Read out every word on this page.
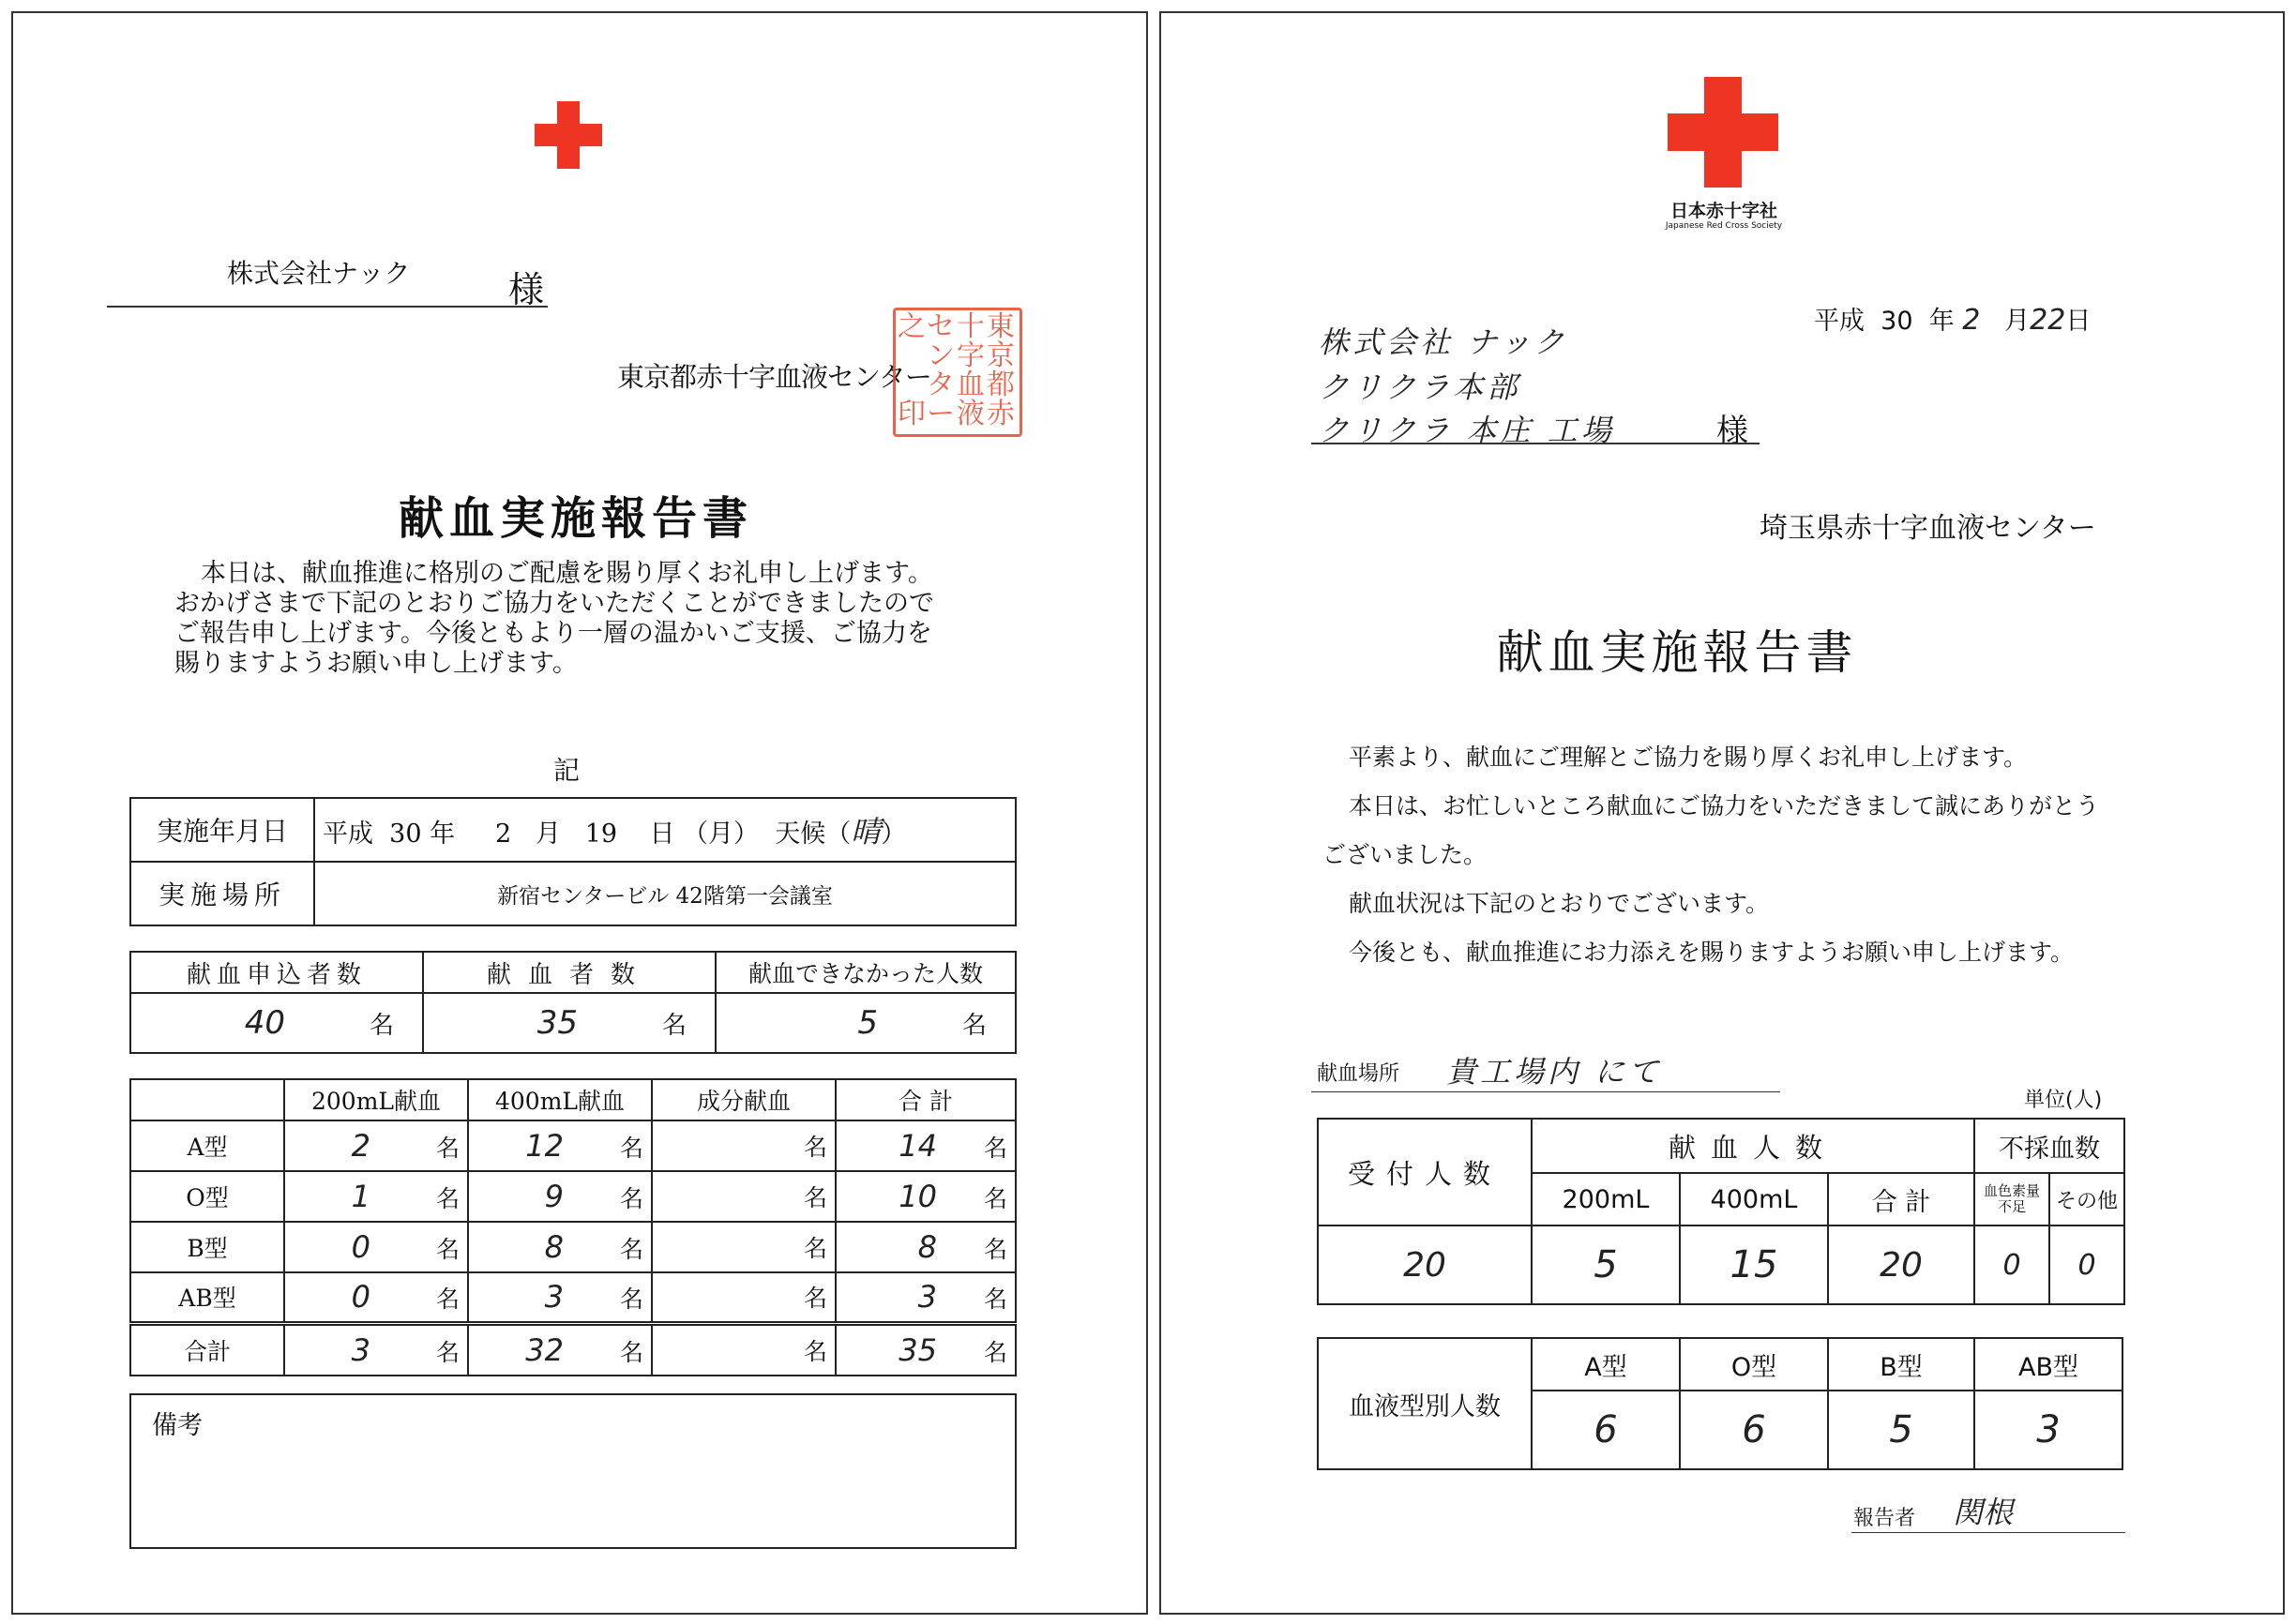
株式会社ナック	様
東京都赤十字血液センター
東
京
都
赤
十
字
血
液
セ
ン
タ
ー
之

印
献血実施報告書
本日は、献血推進に格別のご配慮を賜り厚くお礼申し上げます。
おかげさまで下記のとおりご協力をいただくことができましたので
ご報告申し上げます。今後ともより一層の温かいご支援、ご協力を
賜りますようお願い申し上げます。
記
実施年月日	平成 30 年 2 月 19 日 （月） 天候（晴）
実施場所	新宿センタービル 42階第一会議室
献血申込者数	献血者数	献血できなかった人数
40 名	35 名	5 名
	200mL献血	400mL献血	成分献血	合 計
A型	2 名	12 名	名	14 名
O型	1 名	9 名	名	10 名
B型	0 名	8 名	名	8 名
AB型	0 名	3 名	名	3 名
合計	3 名	32 名	名	35 名
備考
日本赤十字社
Japanese Red Cross Society
平成 30 年 2 月22日
株式会社 ナック
クリクラ本部
クリクラ 本庄 工場	様
埼玉県赤十字血液センター
献血実施報告書
平素より、献血にご理解とご協力を賜り厚くお礼申し上げます。
本日は、お忙しいところ献血にご協力をいただきまして誠にありがとう
ございました。
献血状況は下記のとおりでございます。
今後とも、献血推進にお力添えを賜りますようお願い申し上げます。
献血場所 貴工場内 にて
単位(人)
受付人数	献血人数			不採血数	
	200mL	400mL	合 計	血色素量不足	その他
20	5	15	20	0	0
血液型別人数	A型	O型	B型	AB型
	6	6	5	3
報告者 関根
